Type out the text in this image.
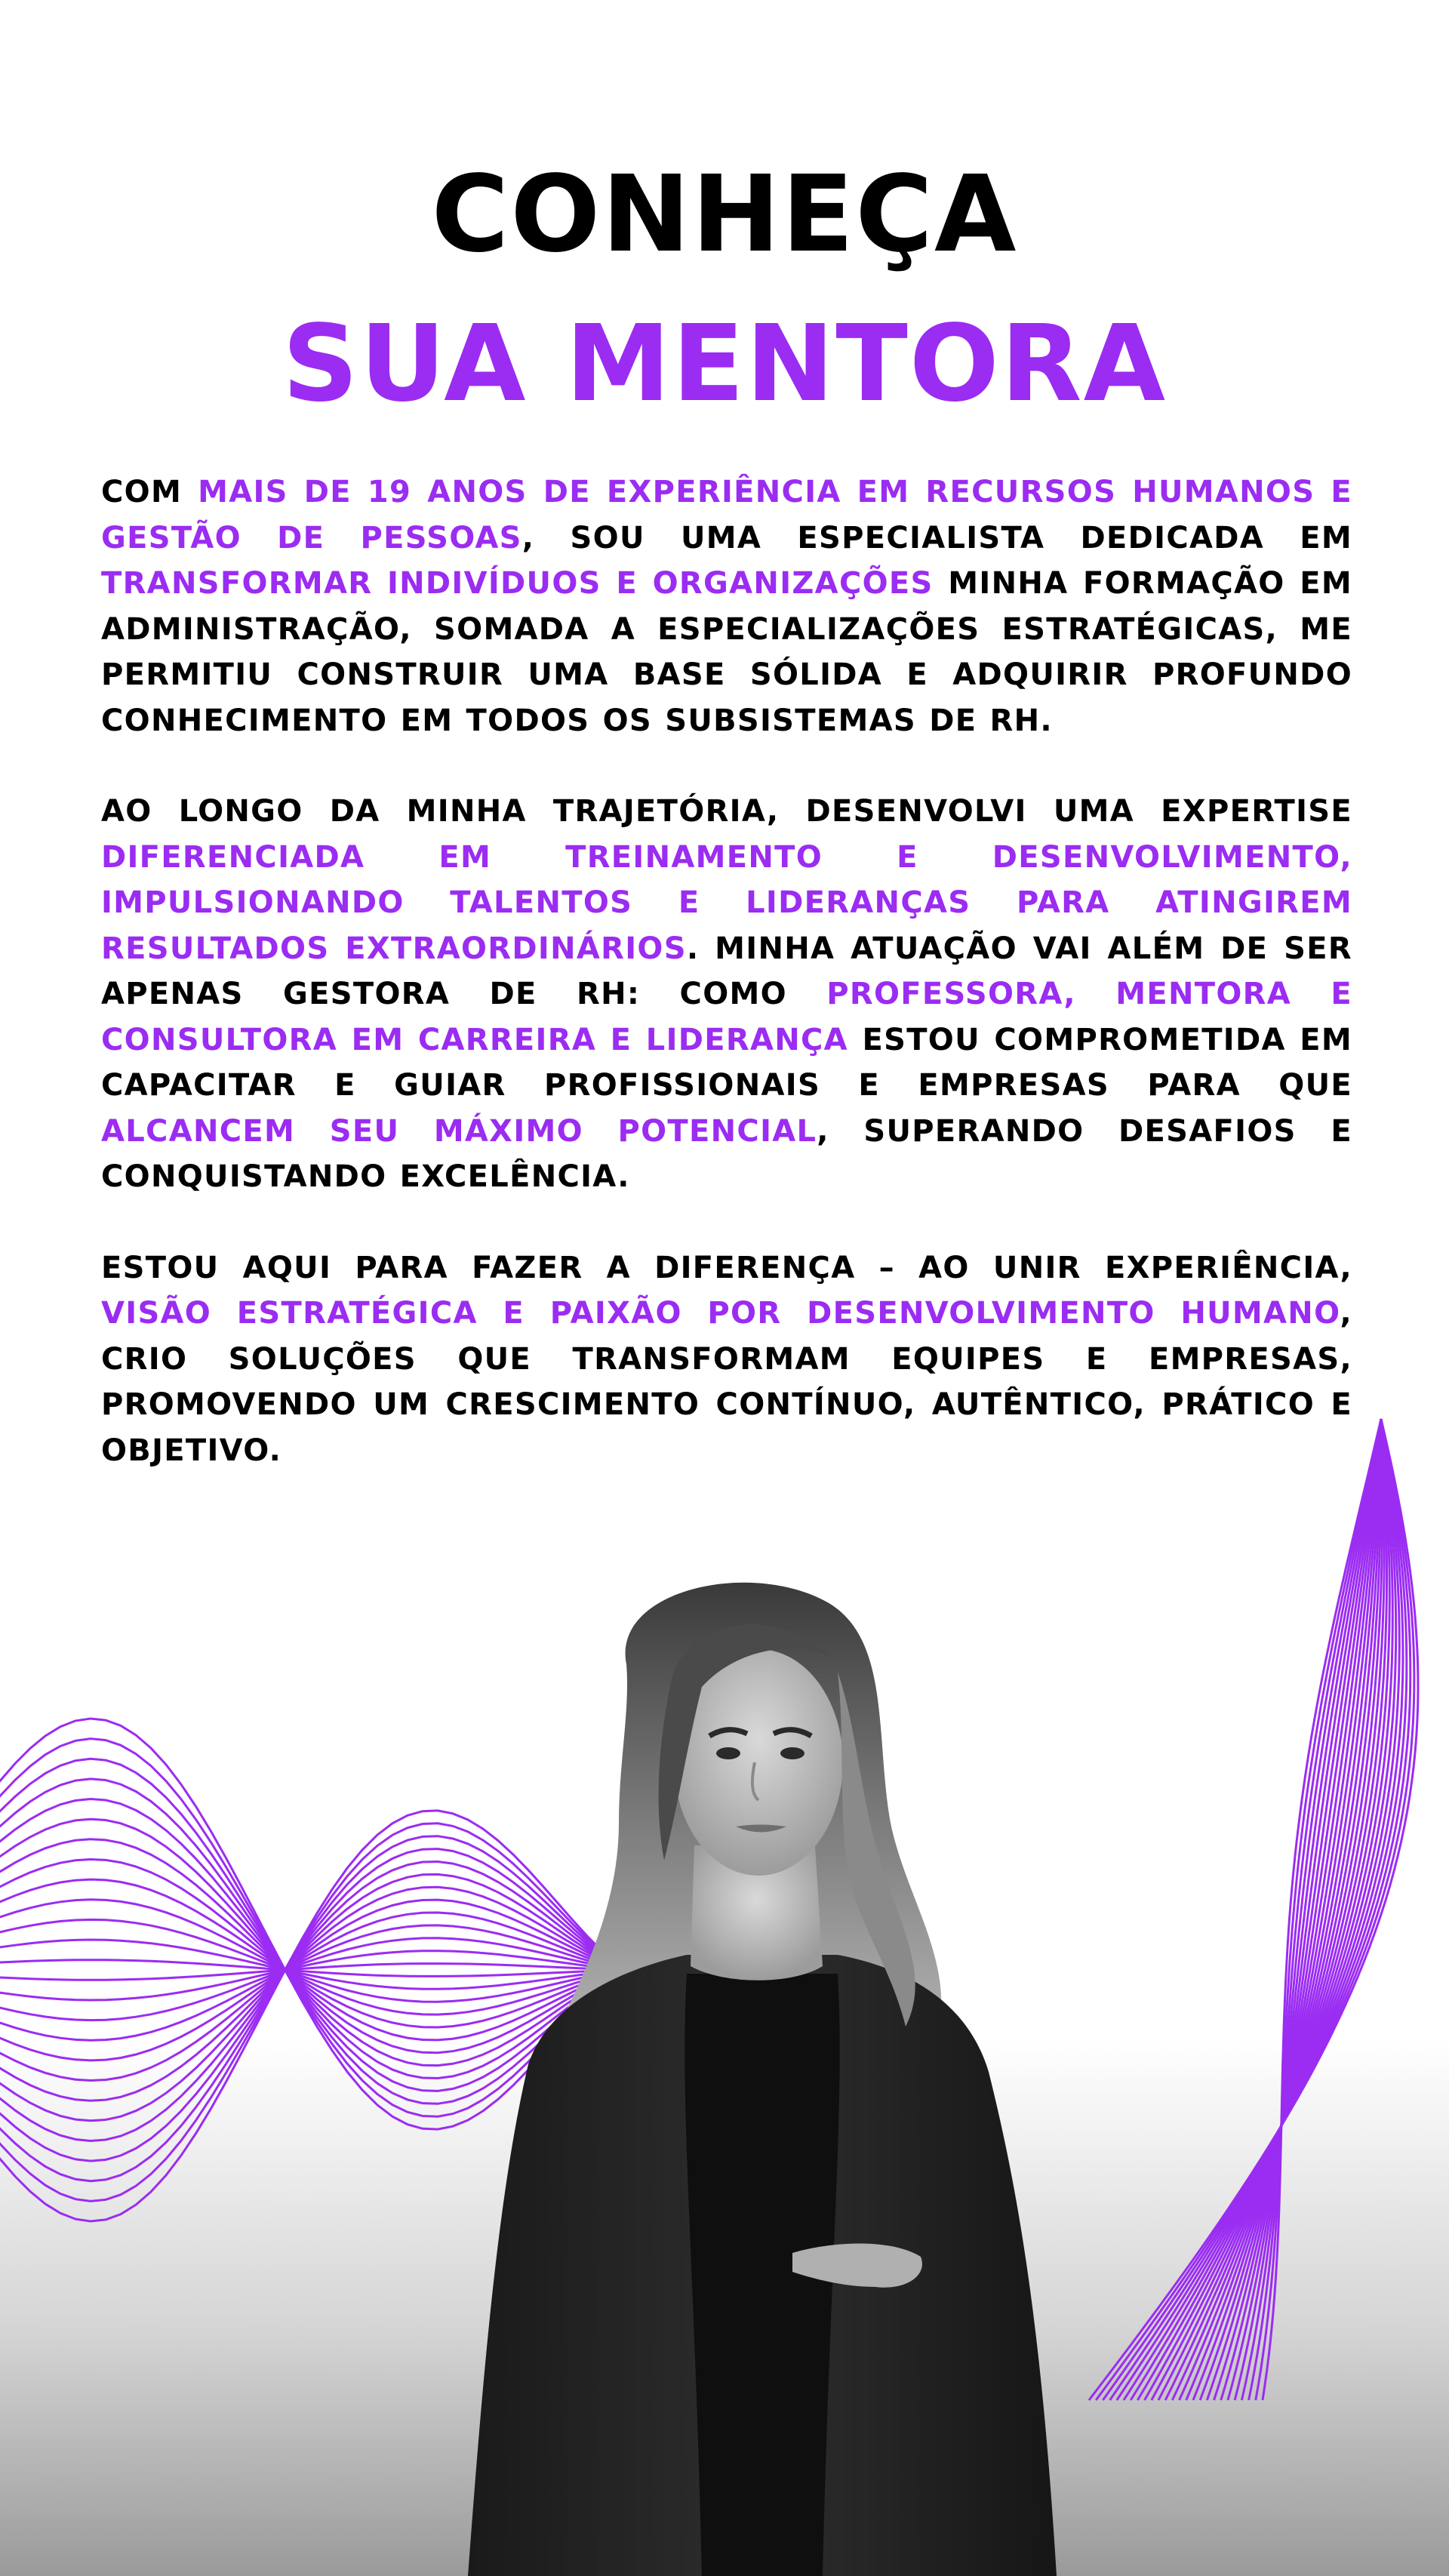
CONHEÇA
SUA MENTORA

COM MAIS DE 19 ANOS DE EXPERIÊNCIA EM RECURSOS HUMANOS E GESTÃO DE PESSOAS, SOU UMA ESPECIALISTA DEDICADA EM TRANSFORMAR INDIVÍDUOS E ORGANIZAÇÕES MINHA FORMAÇÃO EM ADMINISTRAÇÃO, SOMADA A ESPECIALIZAÇÕES ESTRATÉGICAS, ME PERMITIU CONSTRUIR UMA BASE SÓLIDA E ADQUIRIR PROFUNDO CONHECIMENTO EM TODOS OS SUBSISTEMAS DE RH.

AO LONGO DA MINHA TRAJETÓRIA, DESENVOLVI UMA EXPERTISE DIFERENCIADA EM TREINAMENTO E DESENVOLVIMENTO, IMPULSIONANDO TALENTOS E LIDERANÇAS PARA ATINGIREM RESULTADOS EXTRAORDINÁRIOS. MINHA ATUAÇÃO VAI ALÉM DE SER APENAS GESTORA DE RH: COMO PROFESSORA, MENTORA E CONSULTORA EM CARREIRA E LIDERANÇA ESTOU COMPROMETIDA EM CAPACITAR E GUIAR PROFISSIONAIS E EMPRESAS PARA QUE ALCANCEM SEU MÁXIMO POTENCIAL, SUPERANDO DESAFIOS E CONQUISTANDO EXCELÊNCIA.

ESTOU AQUI PARA FAZER A DIFERENÇA – AO UNIR EXPERIÊNCIA, VISÃO ESTRATÉGICA E PAIXÃO POR DESENVOLVIMENTO HUMANO, CRIO SOLUÇÕES QUE TRANSFORMAM EQUIPES E EMPRESAS, PROMOVENDO UM CRESCIMENTO CONTÍNUO, AUTÊNTICO, PRÁTICO E OBJETIVO.
